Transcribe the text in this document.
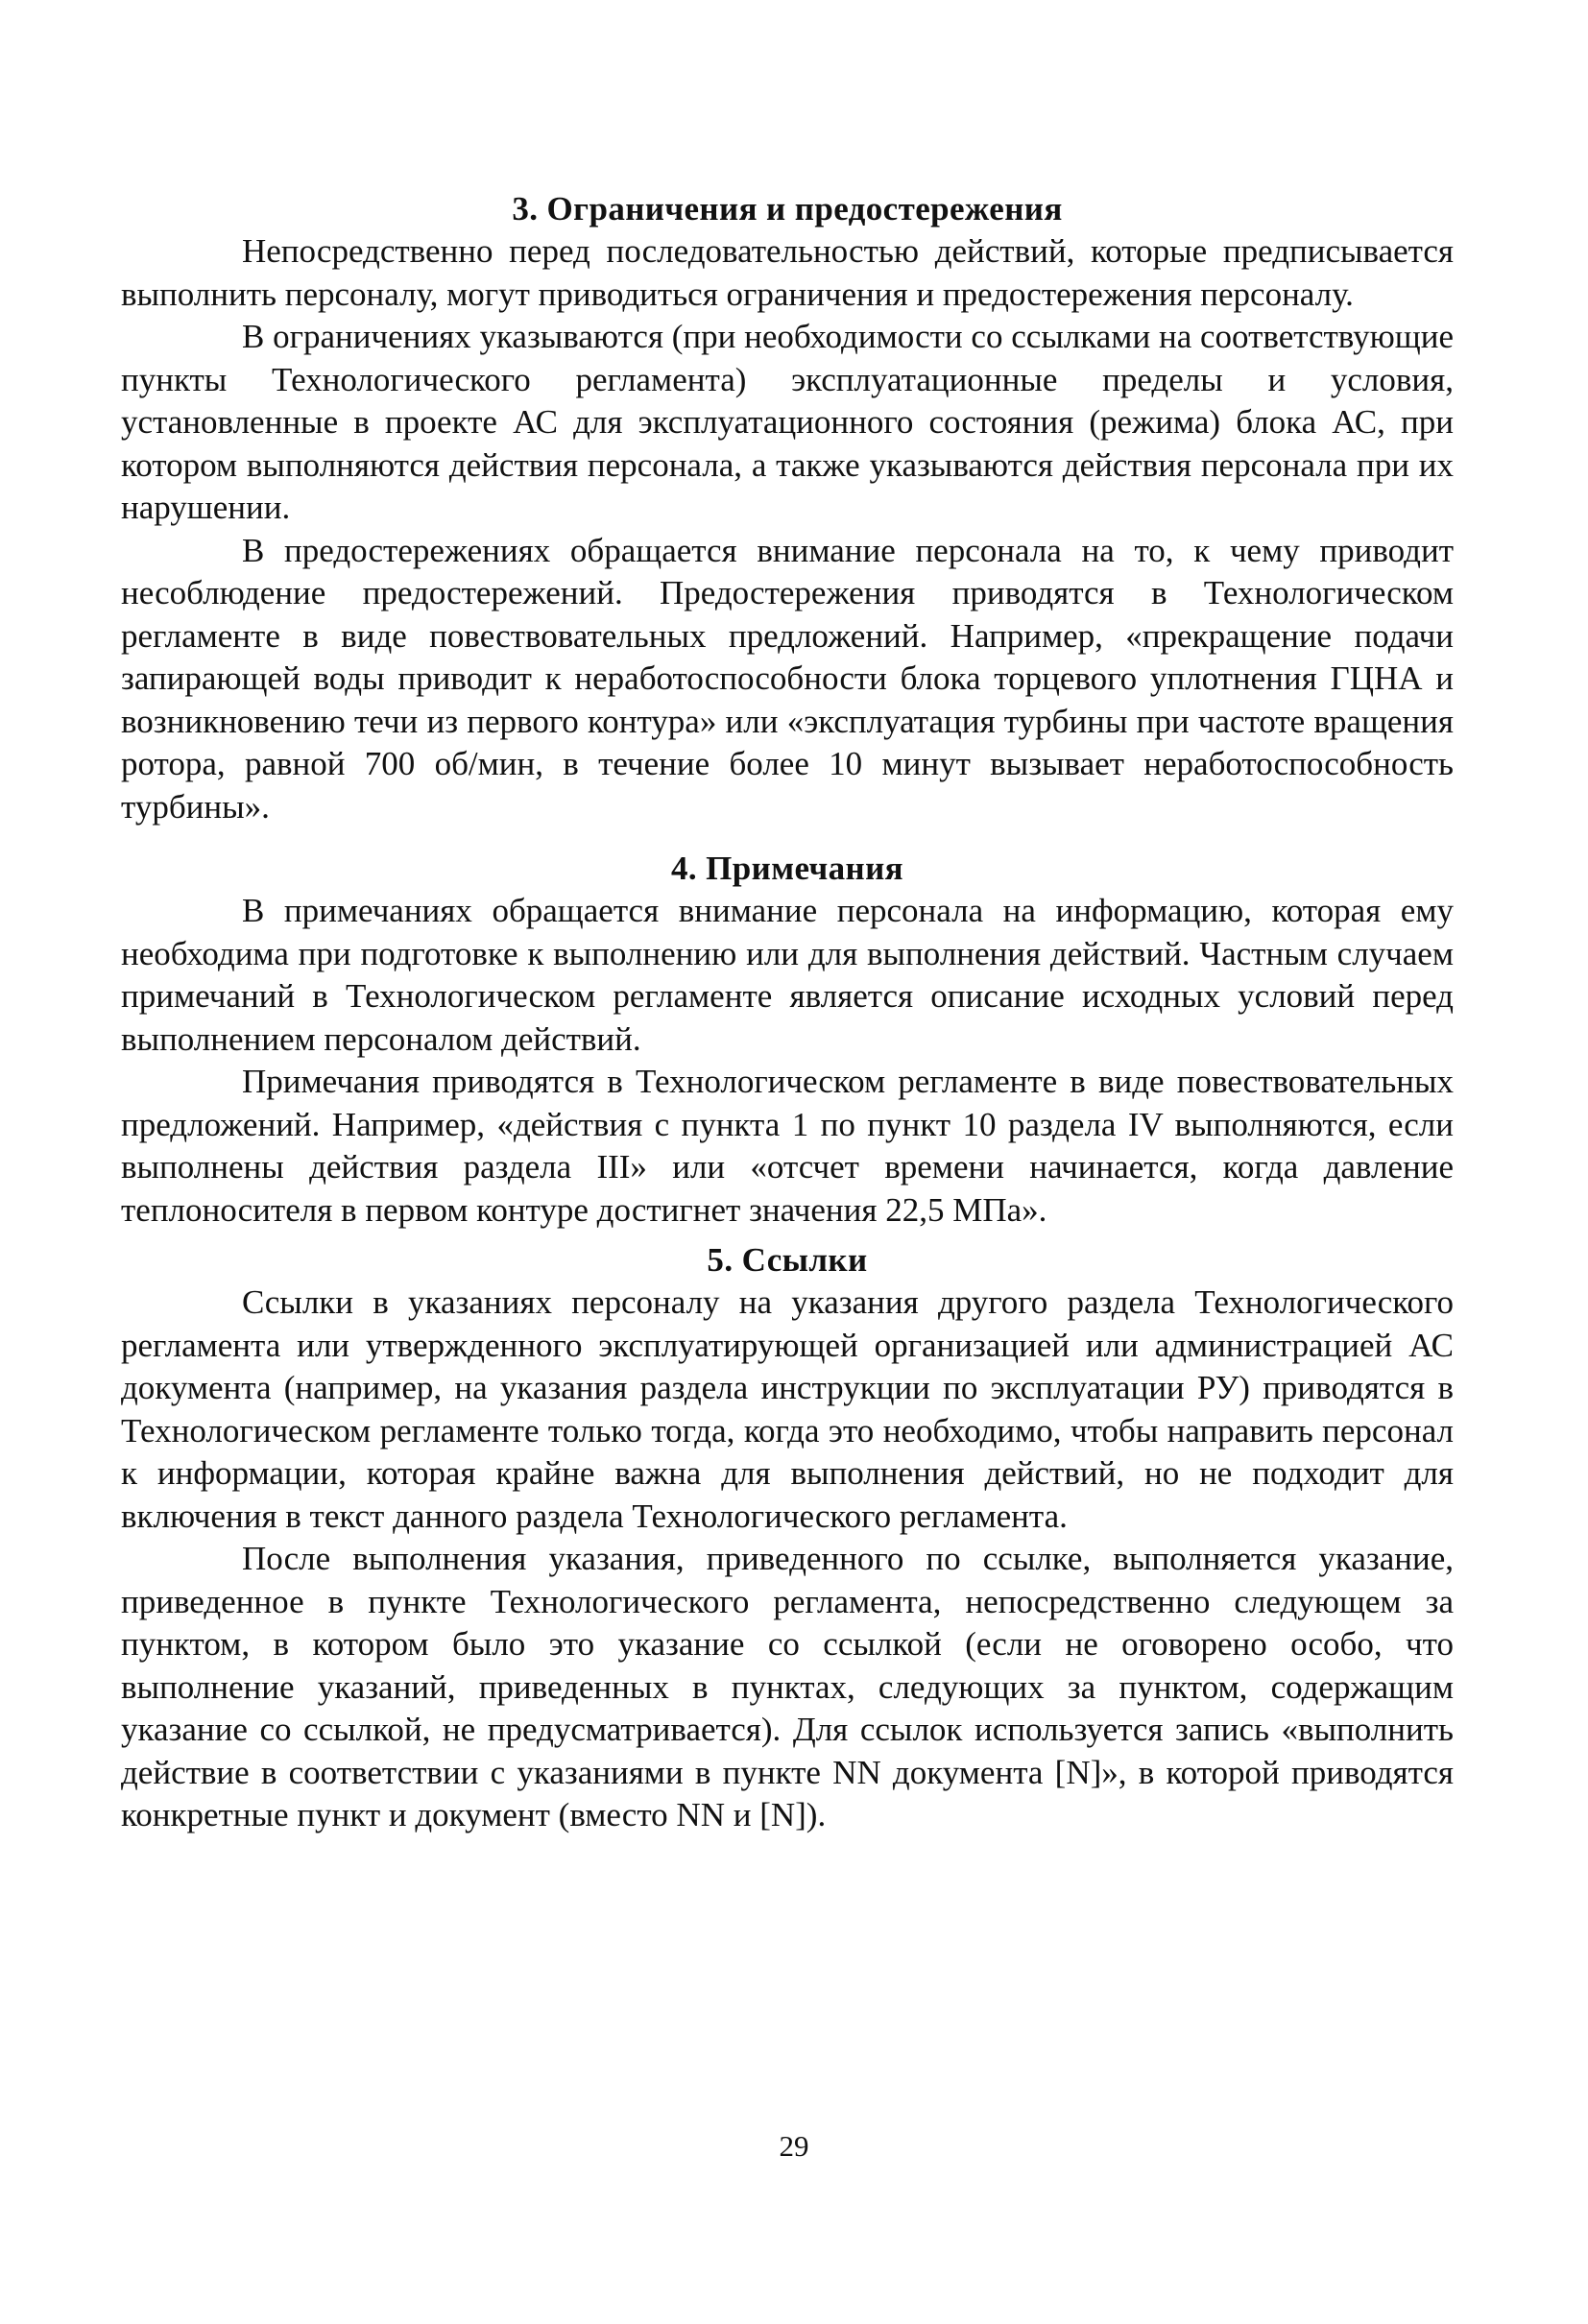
3. Ограничения и предостережения

Непосредственно перед последовательностью действий, которые предписывается выполнить персоналу, могут приводиться ограничения и предостережения персоналу.

В ограничениях указываются (при необходимости со ссылками на соответствующие пункты Технологического регламента) эксплуатационные пределы и условия, установленные в проекте АС для эксплуатационного состояния (режима) блока АС, при котором выполняются действия персонала, а также указываются действия персонала при их нарушении.

В предостережениях обращается внимание персонала на то, к чему приводит несоблюдение предостережений. Предостережения приводятся в Технологическом регламенте в виде повествовательных предложений. Например, «прекращение подачи запирающей воды приводит к неработоспособности блока торцевого уплотнения ГЦНА и возникновению течи из первого контура» или «эксплуатация турбины при частоте вращения ротора, равной 700 об/мин, в течение более 10 минут вызывает неработоспособность турбины».

4. Примечания

В примечаниях обращается внимание персонала на информацию, которая ему необходима при подготовке к выполнению или для выполнения действий. Частным случаем примечаний в Технологическом регламенте является описание исходных условий перед выполнением персоналом действий.

Примечания приводятся в Технологическом регламенте в виде повествовательных предложений. Например, «действия с пункта 1 по пункт 10 раздела IV выполняются, если выполнены действия раздела III» или «отсчет времени начинается, когда давление теплоносителя в первом контуре достигнет значения 22,5 МПа».

5. Ссылки

Ссылки в указаниях персоналу на указания другого раздела Технологического регламента или утвержденного эксплуатирующей организацией или администрацией АС документа (например, на указания раздела инструкции по эксплуатации РУ) приводятся в Технологическом регламенте только тогда, когда это необходимо, чтобы направить персонал к информации, которая крайне важна для выполнения действий, но не подходит для включения в текст данного раздела Технологического регламента.

После выполнения указания, приведенного по ссылке, выполняется указание, приведенное в пункте Технологического регламента, непосредственно следующем за пунктом, в котором было это указание со ссылкой (если не оговорено особо, что выполнение указаний, приведенных в пунктах, следующих за пунктом, содержащим указание со ссылкой, не предусматривается). Для ссылок используется запись «выполнить действие в соответствии с указаниями в пункте NN документа [N]», в которой приводятся конкретные пункт и документ (вместо NN и [N]).

29
